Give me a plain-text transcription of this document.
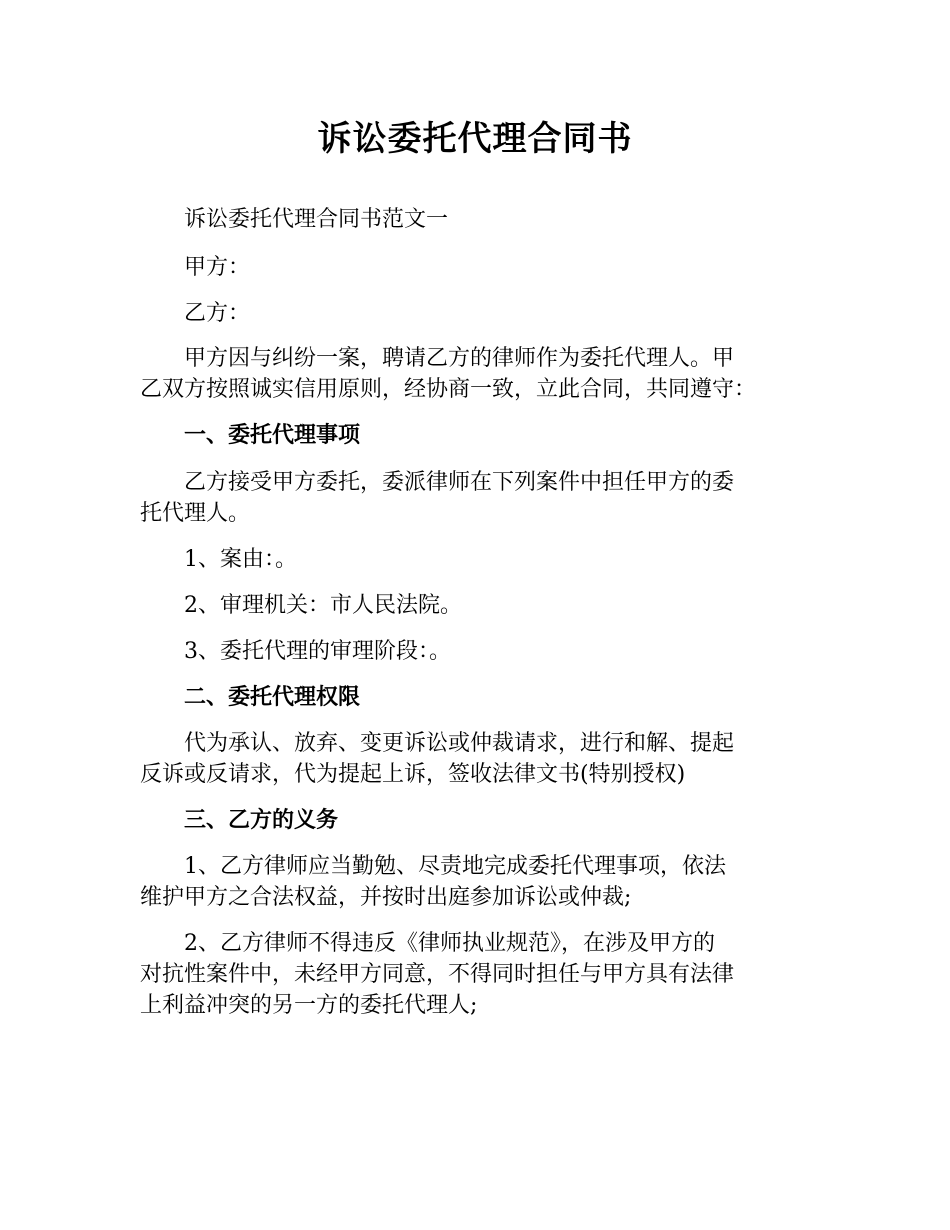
诉讼委托代理合同书
诉讼委托代理合同书范文一
甲方：
乙方：
甲方因与纠纷一案，聘请乙方的律师作为委托代理人。甲
乙双方按照诚实信用原则，经协商一致，立此合同，共同遵守：
一、委托代理事项
乙方接受甲方委托，委派律师在下列案件中担任甲方的委
托代理人。
1、案由：。
2、审理机关：市人民法院。
3、委托代理的审理阶段：。
二、委托代理权限
代为承认、放弃、变更诉讼或仲裁请求，进行和解、提起
反诉或反请求，代为提起上诉，签收法律文书(特别授权)
三、乙方的义务
1、乙方律师应当勤勉、尽责地完成委托代理事项，依法
维护甲方之合法权益，并按时出庭参加诉讼或仲裁;
2、乙方律师不得违反《律师执业规范》，在涉及甲方的
对抗性案件中，未经甲方同意，不得同时担任与甲方具有法律
上利益冲突的另一方的委托代理人;
